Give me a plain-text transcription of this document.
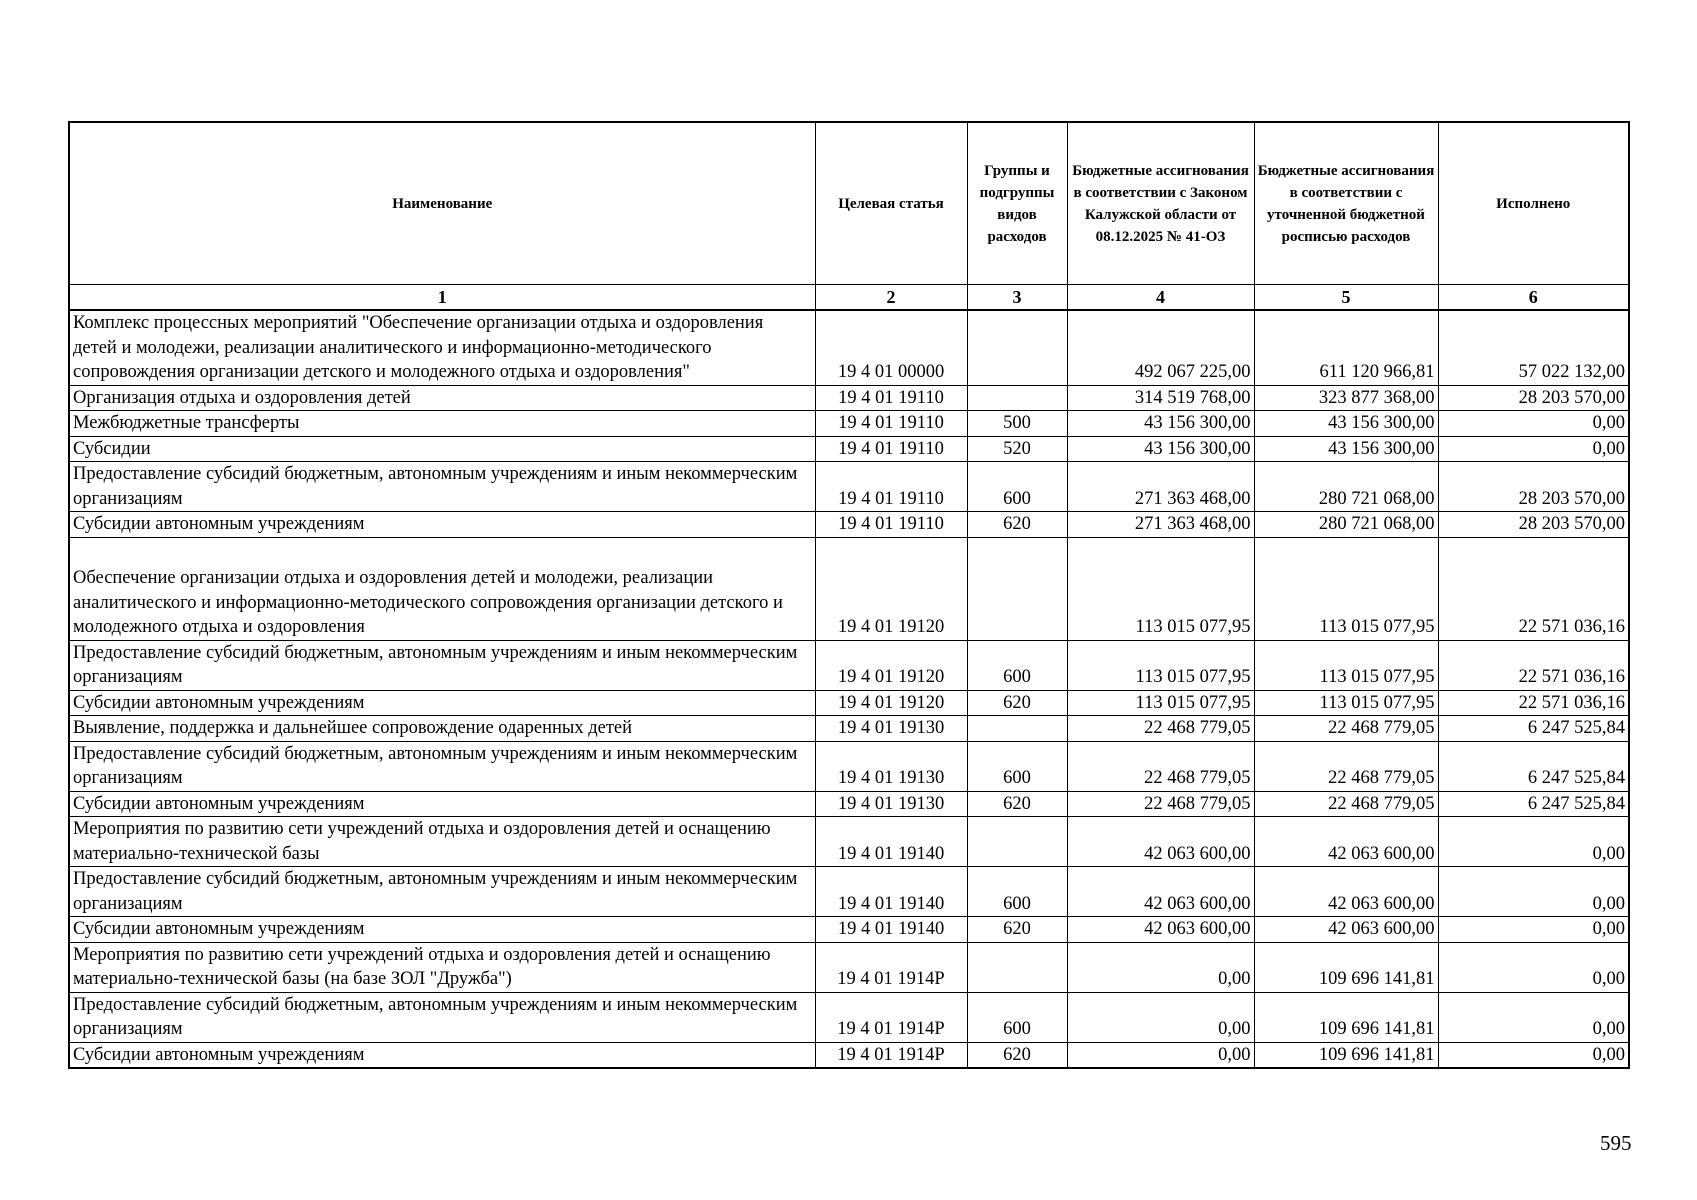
Наименование	Целевая статья	Группы и подгруппы видов расходов	Бюджетные ассигнования в соответствии с Законом Калужской области от 08.12.2025 № 41-ОЗ	Бюджетные ассигнования в соответствии с уточненной бюджетной росписью расходов	Исполнено
1	2	3	4	5	6
Комплекс процессных мероприятий "Обеспечение организации отдыха и оздоровления детей и молодежи, реализации аналитического и информационно-методического сопровождения организации детского и молодежного отдыха и оздоровления"	19 4 01 00000		492 067 225,00	611 120 966,81	57 022 132,00
Организация отдыха и оздоровления детей	19 4 01 19110		314 519 768,00	323 877 368,00	28 203 570,00
Межбюджетные трансферты	19 4 01 19110	500	43 156 300,00	43 156 300,00	0,00
Субсидии	19 4 01 19110	520	43 156 300,00	43 156 300,00	0,00
Предоставление субсидий бюджетным, автономным учреждениям и иным некоммерческим организациям	19 4 01 19110	600	271 363 468,00	280 721 068,00	28 203 570,00
Субсидии автономным учреждениям	19 4 01 19110	620	271 363 468,00	280 721 068,00	28 203 570,00
Обеспечение организации отдыха и оздоровления детей и молодежи, реализации аналитического и информационно-методического сопровождения организации детского и молодежного отдыха и оздоровления	19 4 01 19120		113 015 077,95	113 015 077,95	22 571 036,16
Предоставление субсидий бюджетным, автономным учреждениям и иным некоммерческим организациям	19 4 01 19120	600	113 015 077,95	113 015 077,95	22 571 036,16
Субсидии автономным учреждениям	19 4 01 19120	620	113 015 077,95	113 015 077,95	22 571 036,16
Выявление, поддержка и дальнейшее сопровождение одаренных детей	19 4 01 19130		22 468 779,05	22 468 779,05	6 247 525,84
Предоставление субсидий бюджетным, автономным учреждениям и иным некоммерческим организациям	19 4 01 19130	600	22 468 779,05	22 468 779,05	6 247 525,84
Субсидии автономным учреждениям	19 4 01 19130	620	22 468 779,05	22 468 779,05	6 247 525,84
Мероприятия по развитию сети учреждений отдыха и оздоровления детей и оснащению материально-технической базы	19 4 01 19140		42 063 600,00	42 063 600,00	0,00
Предоставление субсидий бюджетным, автономным учреждениям и иным некоммерческим организациям	19 4 01 19140	600	42 063 600,00	42 063 600,00	0,00
Субсидии автономным учреждениям	19 4 01 19140	620	42 063 600,00	42 063 600,00	0,00
Мероприятия по развитию сети учреждений отдыха и оздоровления детей и оснащению материально-технической базы (на базе ЗОЛ "Дружба")	19 4 01 1914Р		0,00	109 696 141,81	0,00
Предоставление субсидий бюджетным, автономным учреждениям и иным некоммерческим организациям	19 4 01 1914Р	600	0,00	109 696 141,81	0,00
Субсидии автономным учреждениям	19 4 01 1914Р	620	0,00	109 696 141,81	0,00
595
